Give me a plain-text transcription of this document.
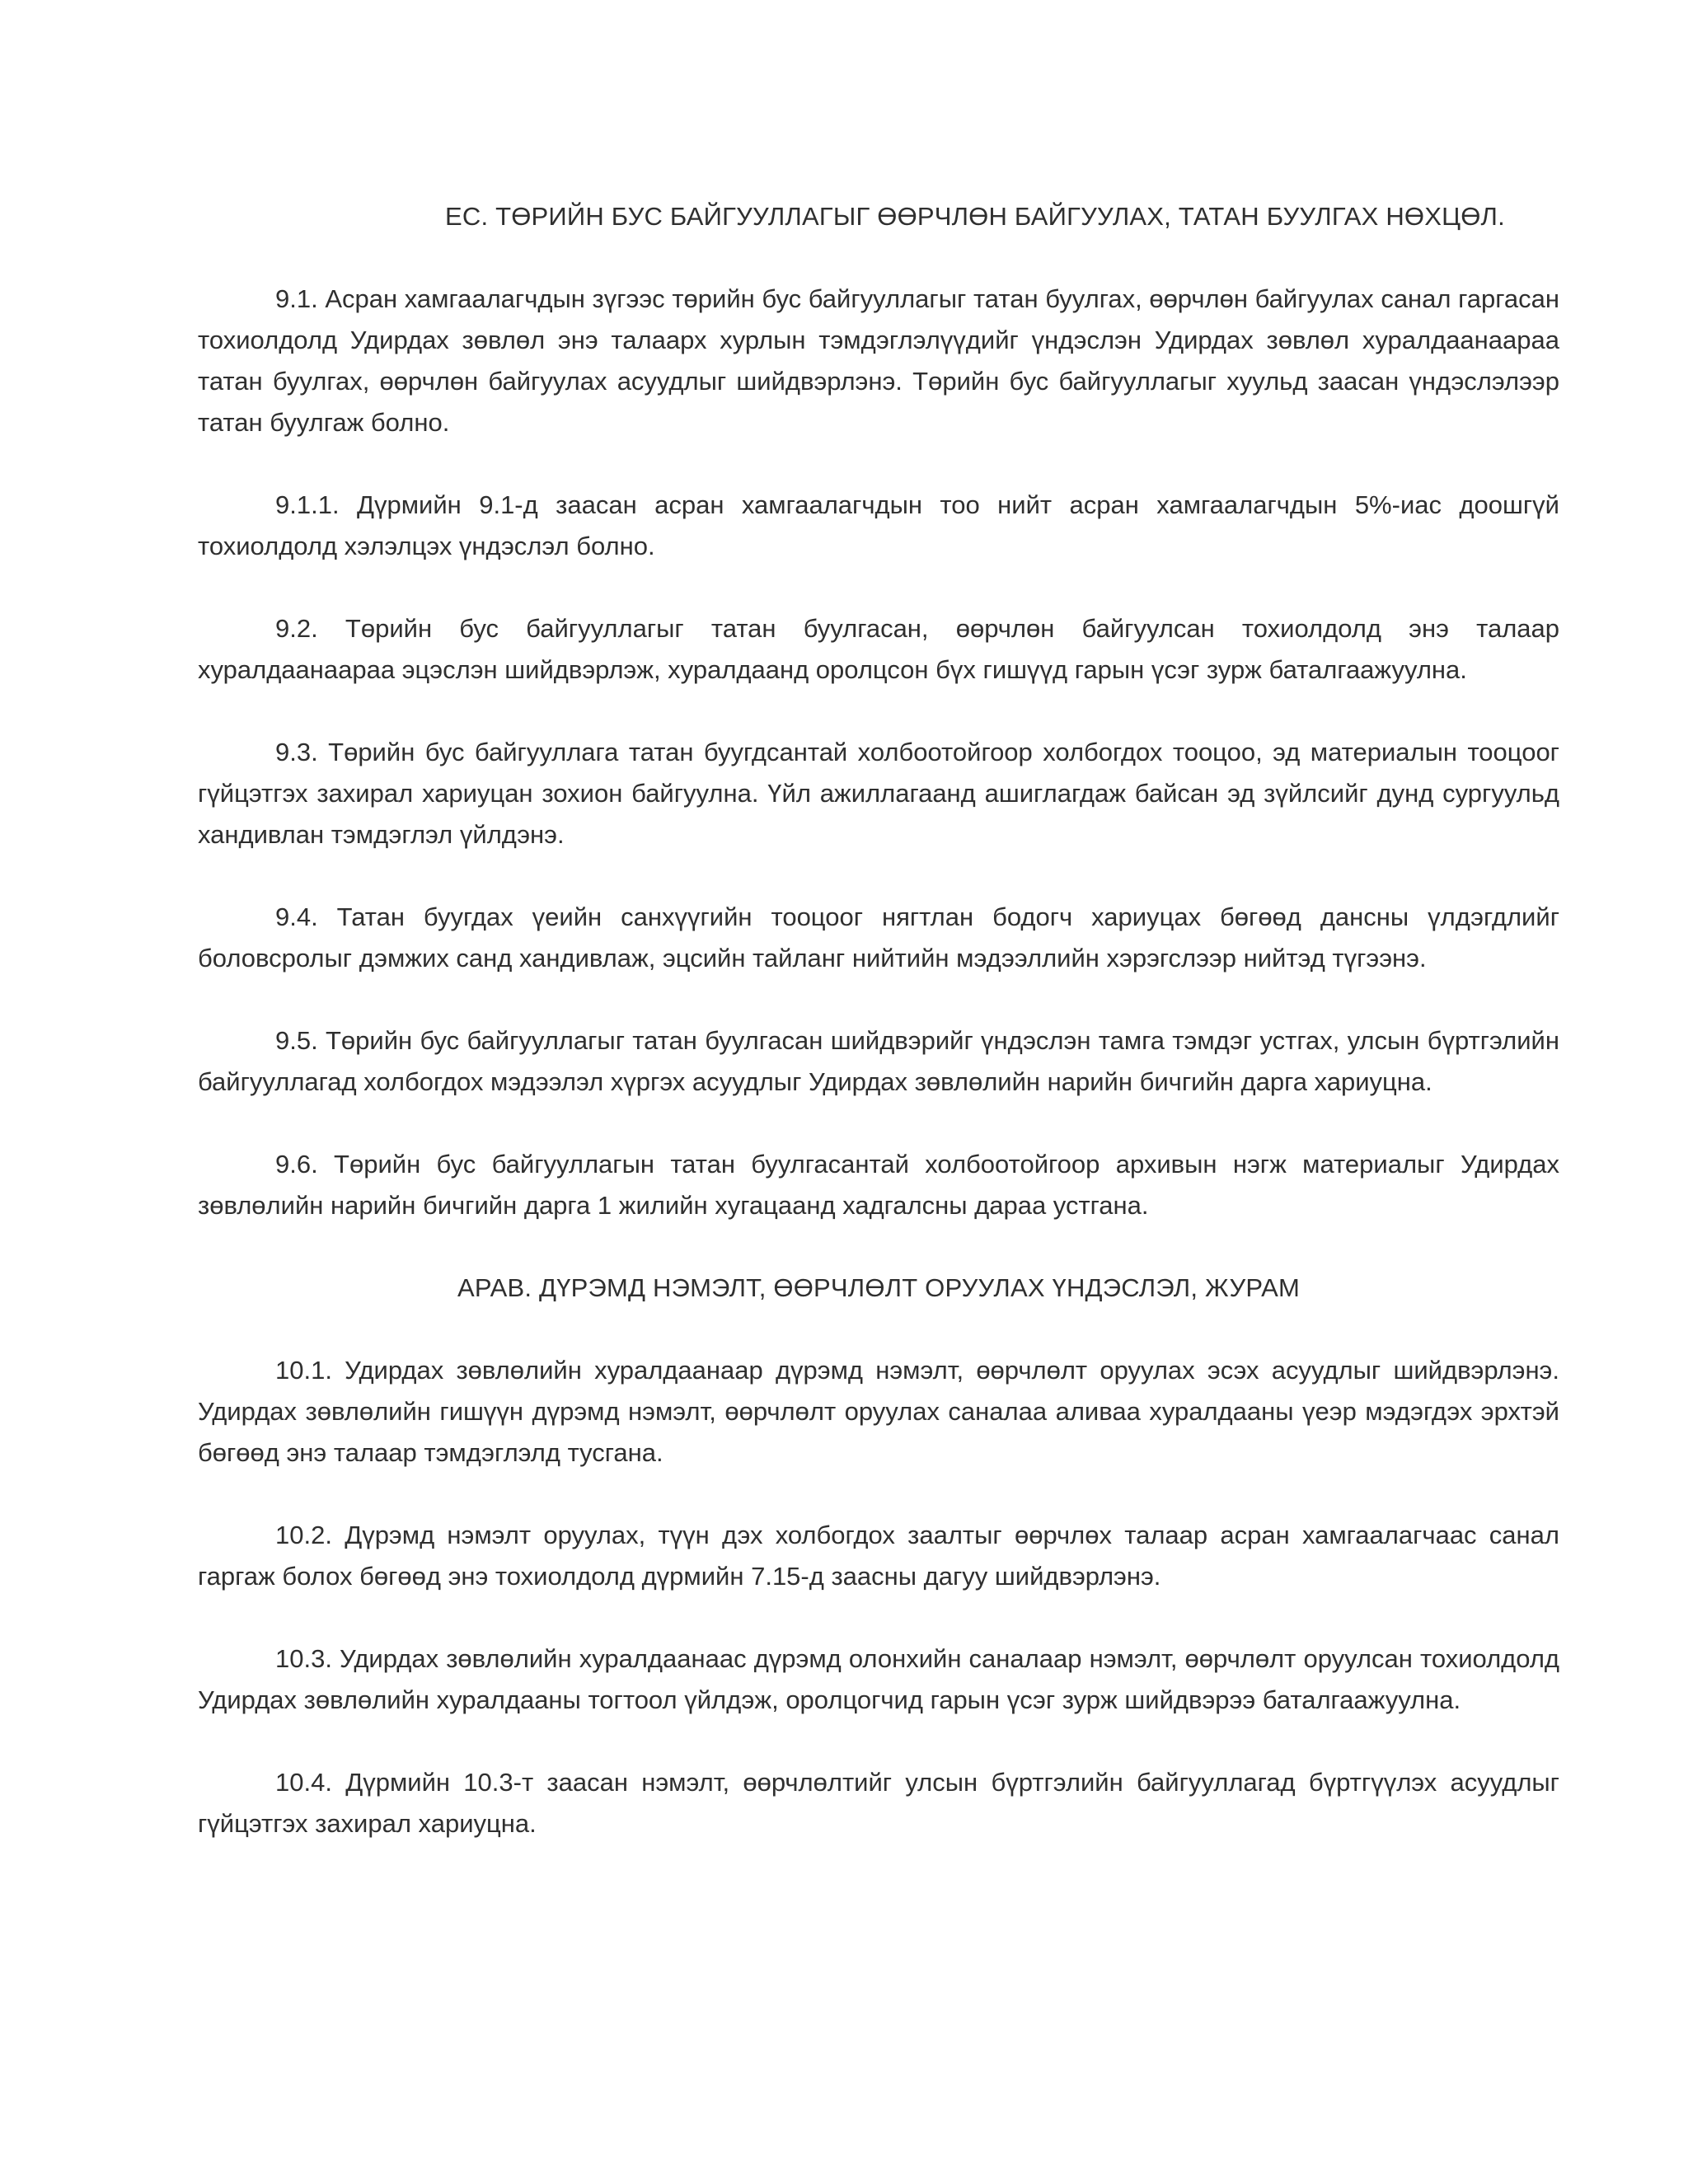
ЕС. ТӨРИЙН БУС БАЙГУУЛЛАГЫГ ӨӨРЧЛӨН БАЙГУУЛАХ, ТАТАН БУУЛГАХ НӨХЦӨЛ.

9.1. Асран хамгаалагчдын зүгээс төрийн бус байгууллагыг татан буулгах, өөрчлөн байгуулах санал гаргасан тохиолдолд Удирдах зөвлөл энэ талаарх хурлын тэмдэглэлүүдийг үндэслэн Удирдах зөвлөл хуралдаанаараа татан буулгах, өөрчлөн байгуулах асуудлыг шийдвэрлэнэ. Төрийн бус байгууллагыг хуульд заасан үндэслэлээр татан буулгаж болно.

9.1.1. Дүрмийн 9.1-д заасан асран хамгаалагчдын тоо нийт асран хамгаалагчдын 5%-иас доошгүй тохиолдолд хэлэлцэх үндэслэл болно.

9.2. Төрийн бус байгууллагыг татан буулгасан, өөрчлөн байгуулсан тохиолдолд энэ талаар хуралдаанаараа эцэслэн шийдвэрлэж, хуралдаанд оролцсон бүх гишүүд гарын үсэг зурж баталгаажуулна.

9.3. Төрийн бус байгууллага татан буугдсантай холбоотойгоор холбогдох тооцоо, эд материалын тооцоог гүйцэтгэх захирал хариуцан зохион байгуулна. Үйл ажиллагаанд ашиглагдаж байсан эд зүйлсийг дунд сургуульд хандивлан тэмдэглэл үйлдэнэ.

9.4. Татан буугдах үеийн санхүүгийн тооцоог нягтлан бодогч хариуцах бөгөөд дансны үлдэгдлийг боловсролыг дэмжих санд хандивлаж, эцсийн тайланг нийтийн мэдээллийн хэрэгслээр нийтэд түгээнэ.

9.5. Төрийн бус байгууллагыг татан буулгасан шийдвэрийг үндэслэн тамга тэмдэг устгах, улсын бүртгэлийн байгууллагад холбогдох мэдээлэл хүргэх асуудлыг Удирдах зөвлөлийн нарийн бичгийн дарга хариуцна.

9.6. Төрийн бус байгууллагын татан буулгасантай холбоотойгоор архивын нэгж материалыг Удирдах зөвлөлийн нарийн бичгийн дарга 1 жилийн хугацаанд хадгалсны дараа устгана.

АРАВ. ДҮРЭМД НЭМЭЛТ, ӨӨРЧЛӨЛТ ОРУУЛАХ ҮНДЭСЛЭЛ, ЖУРАМ

10.1. Удирдах зөвлөлийн хуралдаанаар дүрэмд нэмэлт, өөрчлөлт оруулах эсэх асуудлыг шийдвэрлэнэ. Удирдах зөвлөлийн гишүүн дүрэмд нэмэлт, өөрчлөлт оруулах саналаа аливаа хуралдааны үеэр мэдэгдэх эрхтэй бөгөөд энэ талаар тэмдэглэлд тусгана.

10.2. Дүрэмд нэмэлт оруулах, түүн дэх холбогдох заалтыг өөрчлөх талаар асран хамгаалагчаас санал гаргаж болох бөгөөд энэ тохиолдолд дүрмийн 7.15-д заасны дагуу шийдвэрлэнэ.

10.3. Удирдах зөвлөлийн хуралдаанаас дүрэмд олонхийн саналаар нэмэлт, өөрчлөлт оруулсан тохиолдолд Удирдах зөвлөлийн хуралдааны тогтоол үйлдэж, оролцогчид гарын үсэг зурж шийдвэрээ баталгаажуулна.

10.4. Дүрмийн 10.3-т заасан нэмэлт, өөрчлөлтийг улсын бүртгэлийн байгууллагад бүртгүүлэх асуудлыг гүйцэтгэх захирал хариуцна.
